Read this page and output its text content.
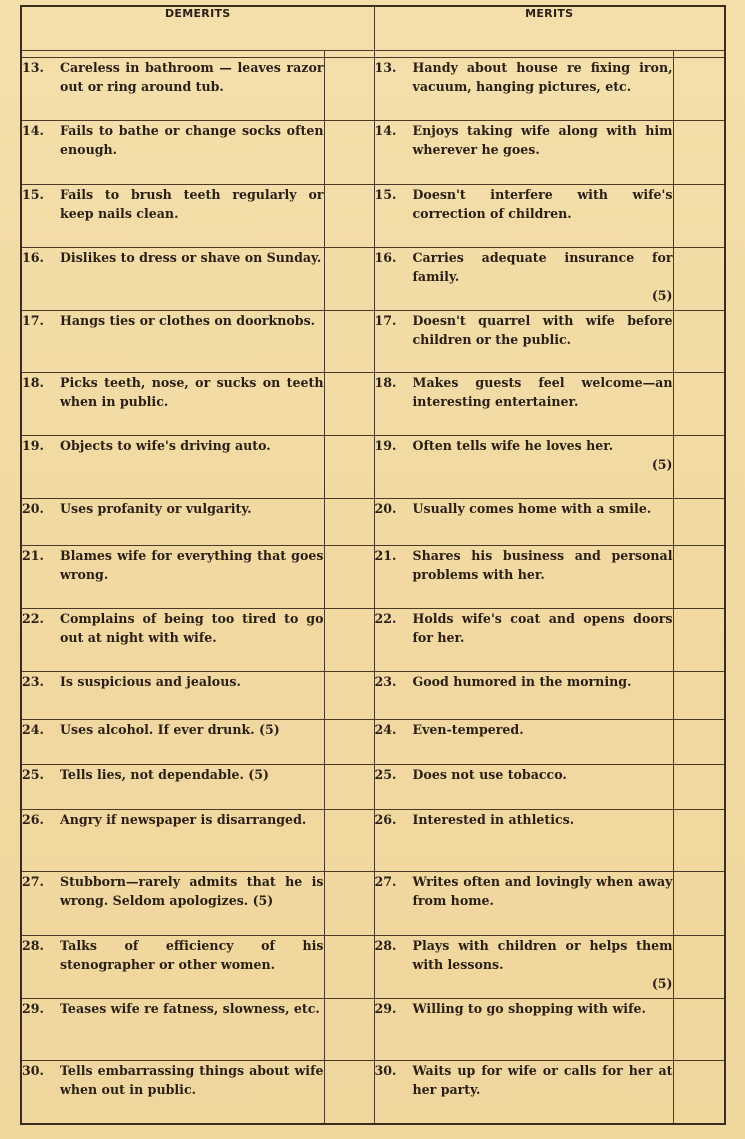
DEMERITS		MERITS	

13. Careless in bathroom — leaves razor out or ring around tub.		13. Handy about house re fixing iron, vacuum, hanging pictures, etc.	

14. Fails to bathe or change socks often enough.		14. Enjoys taking wife along with him wherever he goes.	

15. Fails to brush teeth regularly or keep nails clean.		15. Doesn't interfere with wife's correction of children.	

16. Dislikes to dress or shave on Sunday.		16. Carries adequate insurance for family.
(5)	

17. Hangs ties or clothes on doorknobs.		17. Doesn't quarrel with wife before children or the public.	

18. Picks teeth, nose, or sucks on teeth when in public.		18. Makes guests feel welcome—an interesting entertainer.	

19. Objects to wife's driving auto.		19. Often tells wife he loves her.
(5)	

20. Uses profanity or vulgarity.		20. Usually comes home with a smile.	

21. Blames wife for everything that goes wrong.		21. Shares his business and personal problems with her.	

22. Complains of being too tired to go out at night with wife.		22. Holds wife's coat and opens doors for her.	

23. Is suspicious and jealous.		23. Good humored in the morning.	

24. Uses alcohol. If ever drunk. (5)		24. Even-tempered.	

25. Tells lies, not dependable. (5)		25. Does not use tobacco.	

26. Angry if newspaper is disarranged.		26. Interested in athletics.	

27. Stubborn—rarely admits that he is wrong. Seldom apologizes. (5)		27. Writes often and lovingly when away from home.	

28. Talks of efficiency of his stenographer or other women.		28. Plays with children or helps them with lessons.
(5)	

29. Teases wife re fatness, slowness, etc.		29. Willing to go shopping with wife.	

30. Tells embarrassing things about wife when out in public.		30. Waits up for wife or calls for her at her party.	
